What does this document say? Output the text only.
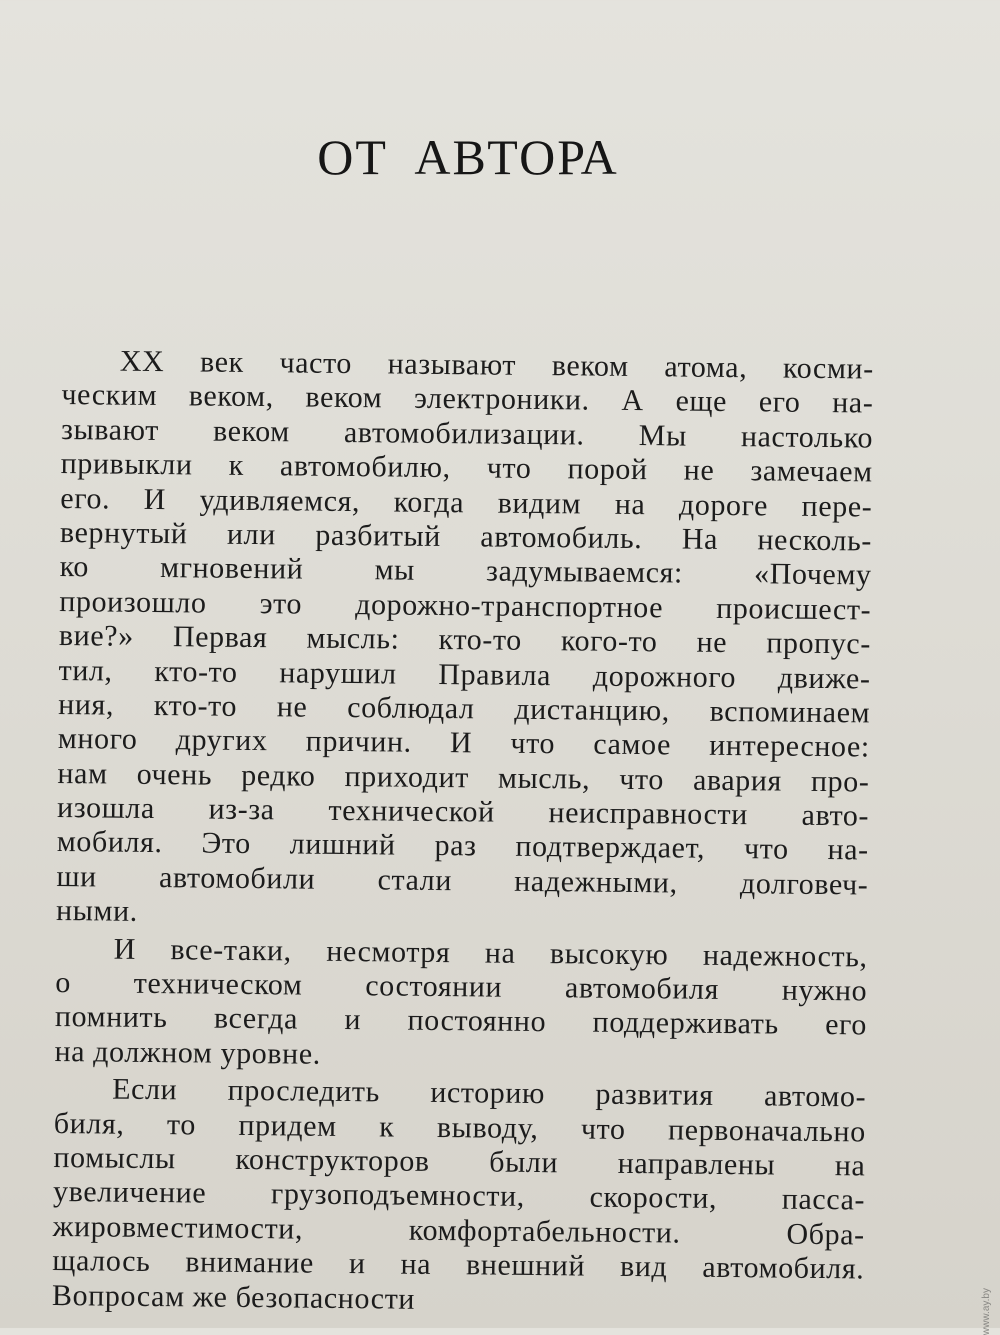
ОТ АВТОРА
XX век часто называют веком атома, косми-
ческим веком, веком электроники. А еще его на-
зывают веком автомобилизации. Мы настолько
привыкли к автомобилю, что порой не замечаем
его. И удивляемся, когда видим на дороге пере-
вернутый или разбитый автомобиль. На несколь-
ко мгновений мы задумываемся: «Почему
произошло это дорожно-транспортное происшест-
вие?» Первая мысль: кто-то кого-то не пропус-
тил, кто-то нарушил Правила дорожного движе-
ния, кто-то не соблюдал дистанцию, вспоминаем
много других причин. И что самое интересное:
нам очень редко приходит мысль, что авария про-
изошла из-за технической неисправности авто-
мобиля. Это лишний раз подтверждает, что на-
ши автомобили стали надежными, долговеч-
ными.
И все-таки, несмотря на высокую надежность,
о техническом состоянии автомобиля нужно
помнить всегда и постоянно поддерживать его
на должном уровне.
Если проследить историю развития автомо-
биля, то придем к выводу, что первоначально
помыслы конструкторов были направлены на
увеличение грузоподъемности, скорости, пасса-
жировместимости, комфортабельности. Обра-
щалось внимание и на внешний вид автомобиля.
Вопросам же безопасности	www.ay.by
